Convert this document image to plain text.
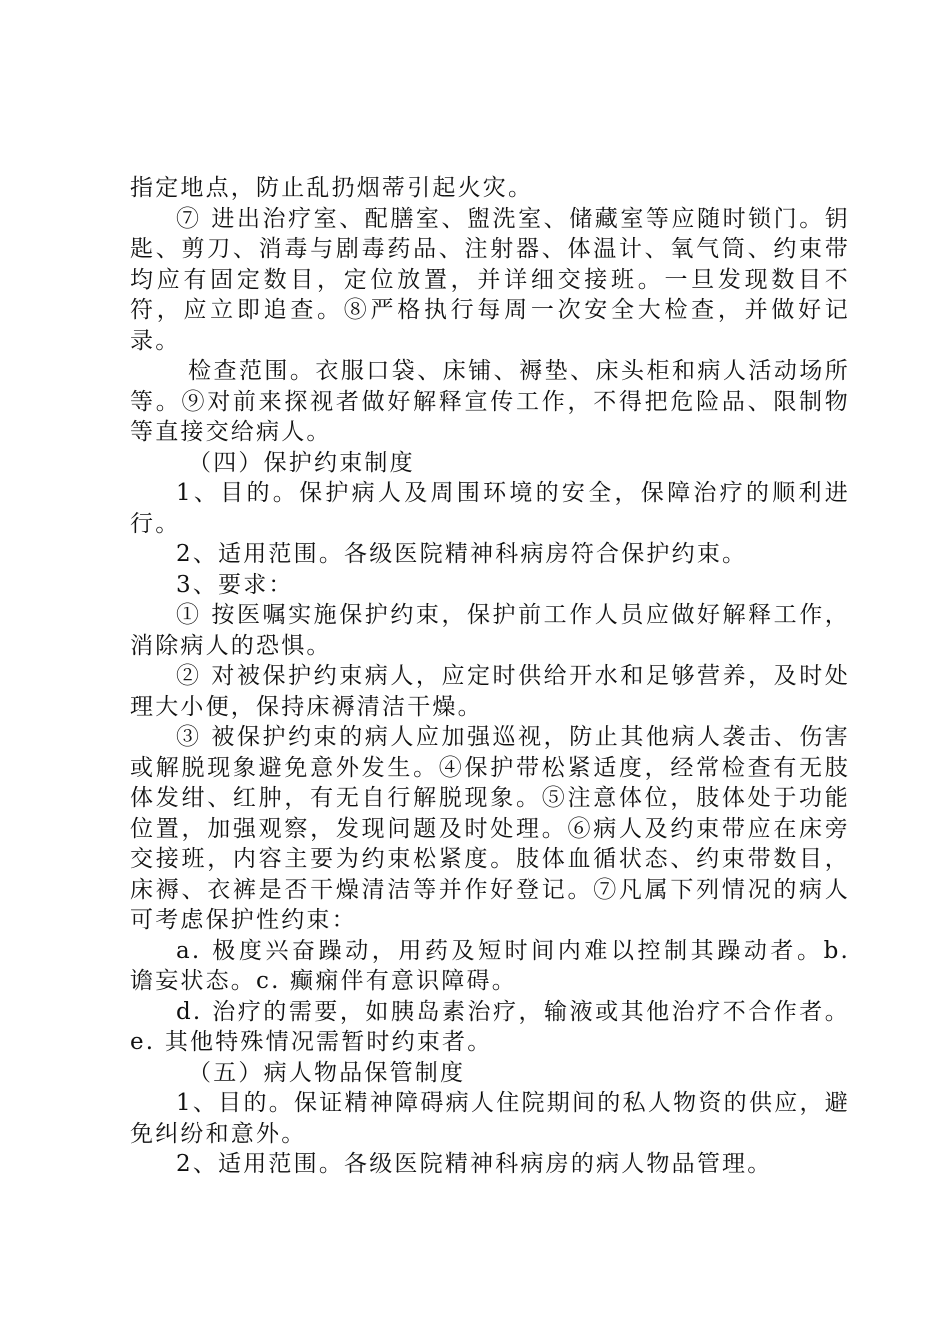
指定地点，防止乱扔烟蒂引起火灾。

⑦ 进出治疗室、配膳室、盥洗室、储藏室等应随时锁门。钥匙、剪刀、消毒与剧毒药品、注射器、体温计、氧气筒、约束带均应有固定数目，定位放置，并详细交接班。一旦发现数目不符，应立即追查。⑧严格执行每周一次安全大检查，并做好记录。

检查范围。衣服口袋、床铺、褥垫、床头柜和病人活动场所等。⑨对前来探视者做好解释宣传工作，不得把危险品、限制物等直接交给病人。

（四）保护约束制度

1、目的。保护病人及周围环境的安全，保障治疗的顺利进行。

2、适用范围。各级医院精神科病房符合保护约束。

3、要求：

① 按医嘱实施保护约束，保护前工作人员应做好解释工作，消除病人的恐惧。

② 对被保护约束病人，应定时供给开水和足够营养，及时处理大小便，保持床褥清洁干燥。

③ 被保护约束的病人应加强巡视，防止其他病人袭击、伤害或解脱现象避免意外发生。④保护带松紧适度，经常检查有无肢体发绀、红肿，有无自行解脱现象。⑤注意体位，肢体处于功能位置，加强观察，发现问题及时处理。⑥病人及约束带应在床旁交接班，内容主要为约束松紧度。肢体血循状态、约束带数目，床褥、衣裤是否干燥清洁等并作好登记。⑦凡属下列情况的病人可考虑保护性约束：

a. 极度兴奋躁动，用药及短时间内难以控制其躁动者。b. 谵妄状态。c. 癫痫伴有意识障碍。

d. 治疗的需要，如胰岛素治疗，输液或其他治疗不合作者。e. 其他特殊情况需暂时约束者。

（五）病人物品保管制度

1、目的。保证精神障碍病人住院期间的私人物资的供应，避免纠纷和意外。

2、适用范围。各级医院精神科病房的病人物品管理。
